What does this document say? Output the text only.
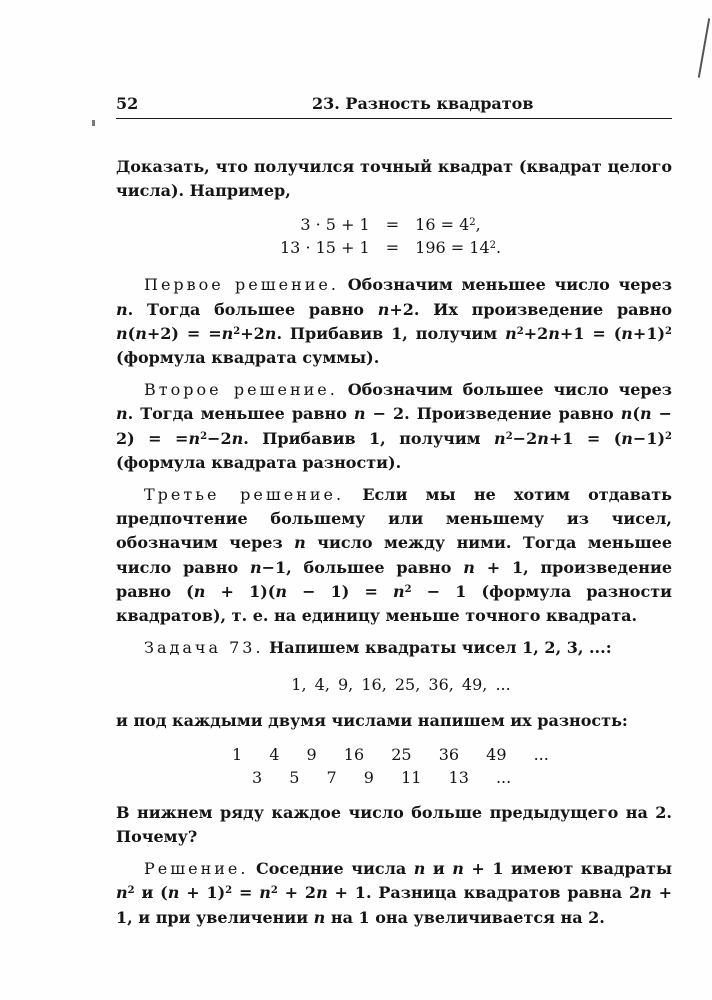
52	23. Разность квадратов

Доказать, что получился точный квадрат (квадрат целого числа). Например,

3 · 5 + 1	=	$16 = 4^2$,
13 · 15 + 1	=	$196 = 14^2$.

Первое решение. Обозначим меньшее число через n. Тогда большее равно n+2. Их произведение равно $n(n+2) = =n^2+2n$. Прибавив 1, получим $n^2+2n+1 = (n+1)^2$ (формула квадрата суммы).

Второе решение. Обозначим большее число через n. Тогда меньшее равно n − 2. Произведение равно $n(n - 2) = =n^2-2n$. Прибавив 1, получим $n^2-2n+1 = (n-1)^2$ (формула квадрата разности).

Третье решение. Если мы не хотим отдавать предпочтение большему или меньшему из чисел, обозначим через n число между ними. Тогда меньшее число равно n−1, большее равно n + 1, произведение равно $(n + 1)(n - 1) = n^2 - 1$ (формула разности квадратов), т. е. на единицу меньше точного квадрата.

Задача 73. Напишем квадраты чисел 1, 2, 3, ...:

1, 4, 9, 16, 25, 36, 49, ...

и под каждыми двумя числами напишем их разность:

1 4 9 16 25 36 49 ...
3 5 7 9 11 13 ...

В нижнем ряду каждое число больше предыдущего на 2. Почему?

Решение. Соседние числа n и n + 1 имеют квадраты $n^2$ и $(n + 1)^2 = n^2 + 2n + 1$. Разница квадратов равна 2n + 1, и при увеличении n на 1 она увеличивается на 2.
